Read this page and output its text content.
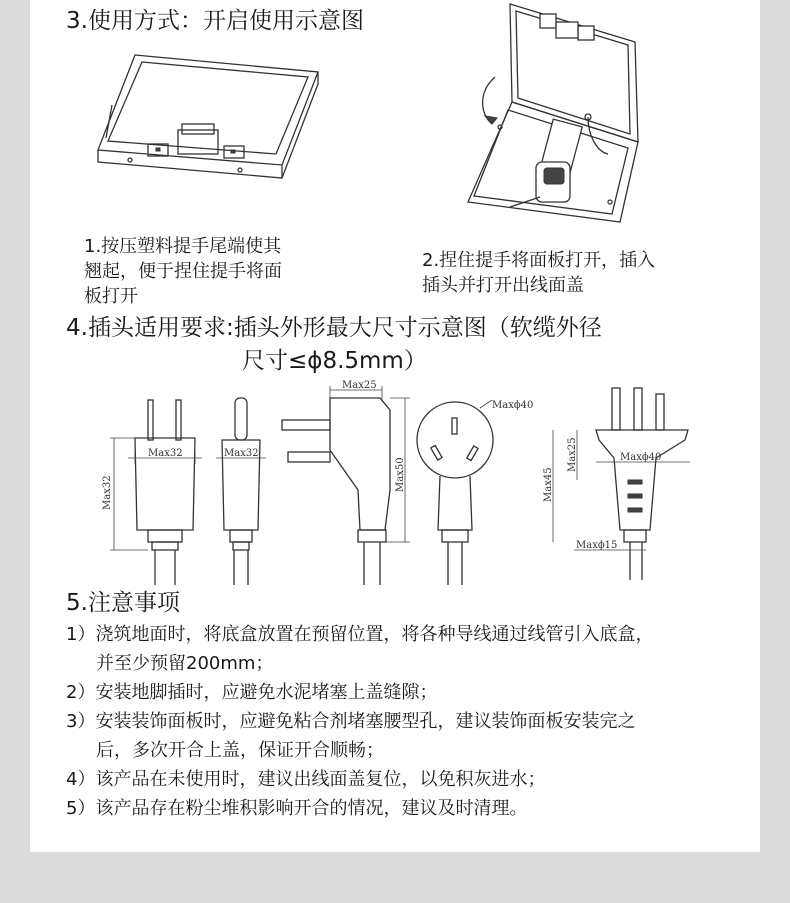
3.使用方式：开启使用示意图
1.按压塑料提手尾端使其
翘起，便于捏住提手将面
板打开
2.捏住提手将面板打开，插入
插头并打开出线面盖
4.插头适用要求:插头外形最大尺寸示意图（软缆外径
尺寸≤ϕ8.5mm）
Max32
Max32
Max32
Max25
Max50
Maxϕ40
Maxϕ40
Max25
Max45
Maxϕ15
5.注意事项
1）浇筑地面时，将底盒放置在预留位置，将各种导线通过线管引入底盒，
并至少预留200mm；
2）安装地脚插时，应避免水泥堵塞上盖缝隙；
3）安装装饰面板时，应避免粘合剂堵塞腰型孔，建议装饰面板安装完之
后，多次开合上盖，保证开合顺畅；
4）该产品在未使用时，建议出线面盖复位，以免积灰进水；
5）该产品存在粉尘堆积影响开合的情况，建议及时清理。
